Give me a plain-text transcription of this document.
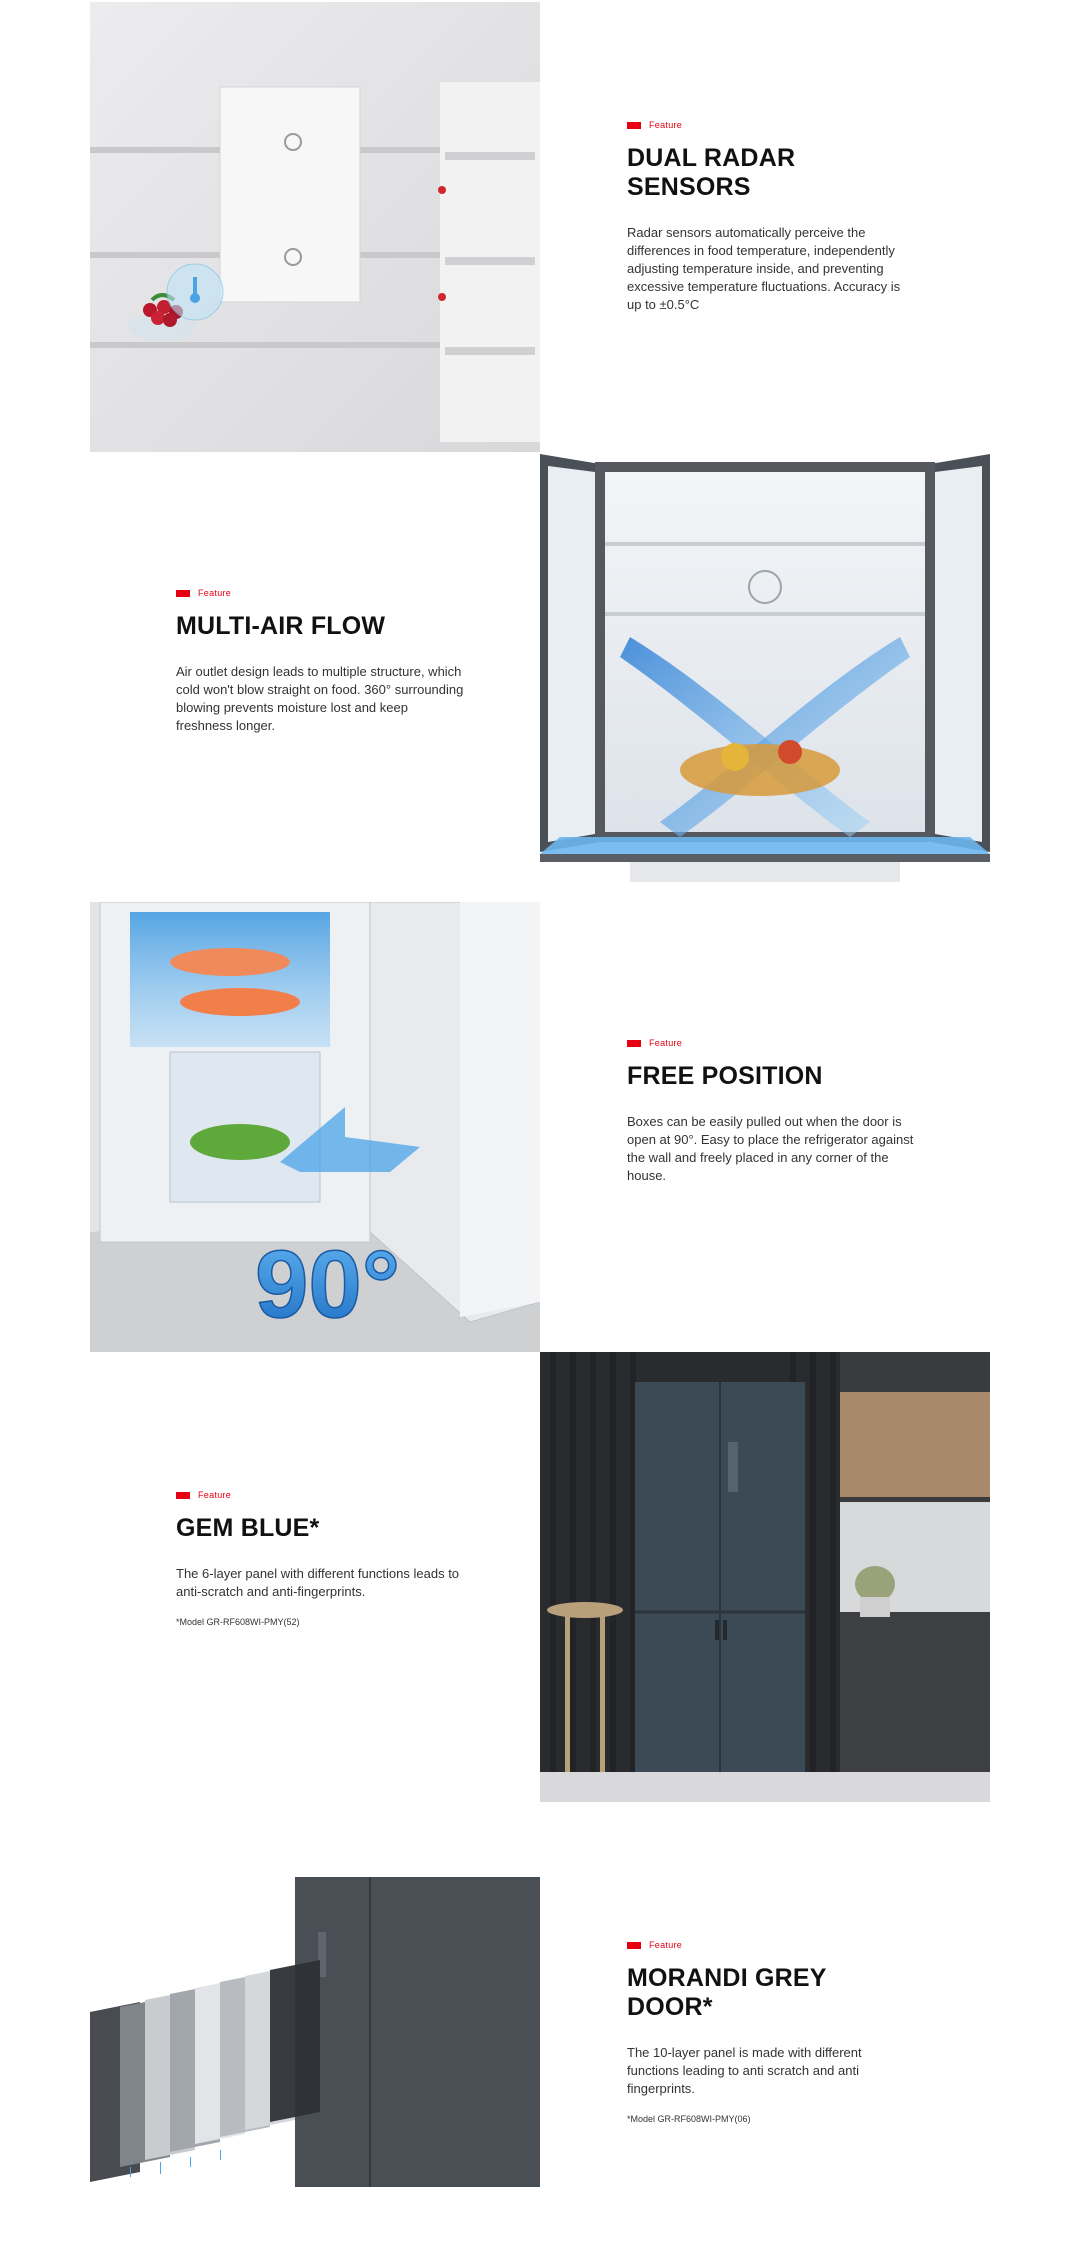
Feature
DUAL RADAR SENSORS

Radar sensors automatically perceive the differences in food temperature, independently adjusting temperature inside, and preventing excessive temperature fluctuations. Accuracy is up to ±0.5°C

Feature
MULTI-AIR FLOW

Air outlet design leads to multiple structure, which cold won't blow straight on food. 360° surrounding blowing prevents moisture lost and keep freshness longer.

90°
Feature
FREE POSITION

Boxes can be easily pulled out when the door is open at 90°. Easy to place the refrigerator against the wall and freely placed in any corner of the house.

Feature
GEM BLUE*

The 6-layer panel with different functions leads to anti-scratch and anti-fingerprints.

*Model GR-RF608WI-PMY(52)
Feature
MORANDI GREY DOOR*

The 10-layer panel is made with different functions leading to anti scratch and anti fingerprints.

*Model GR-RF608WI-PMY(06)
